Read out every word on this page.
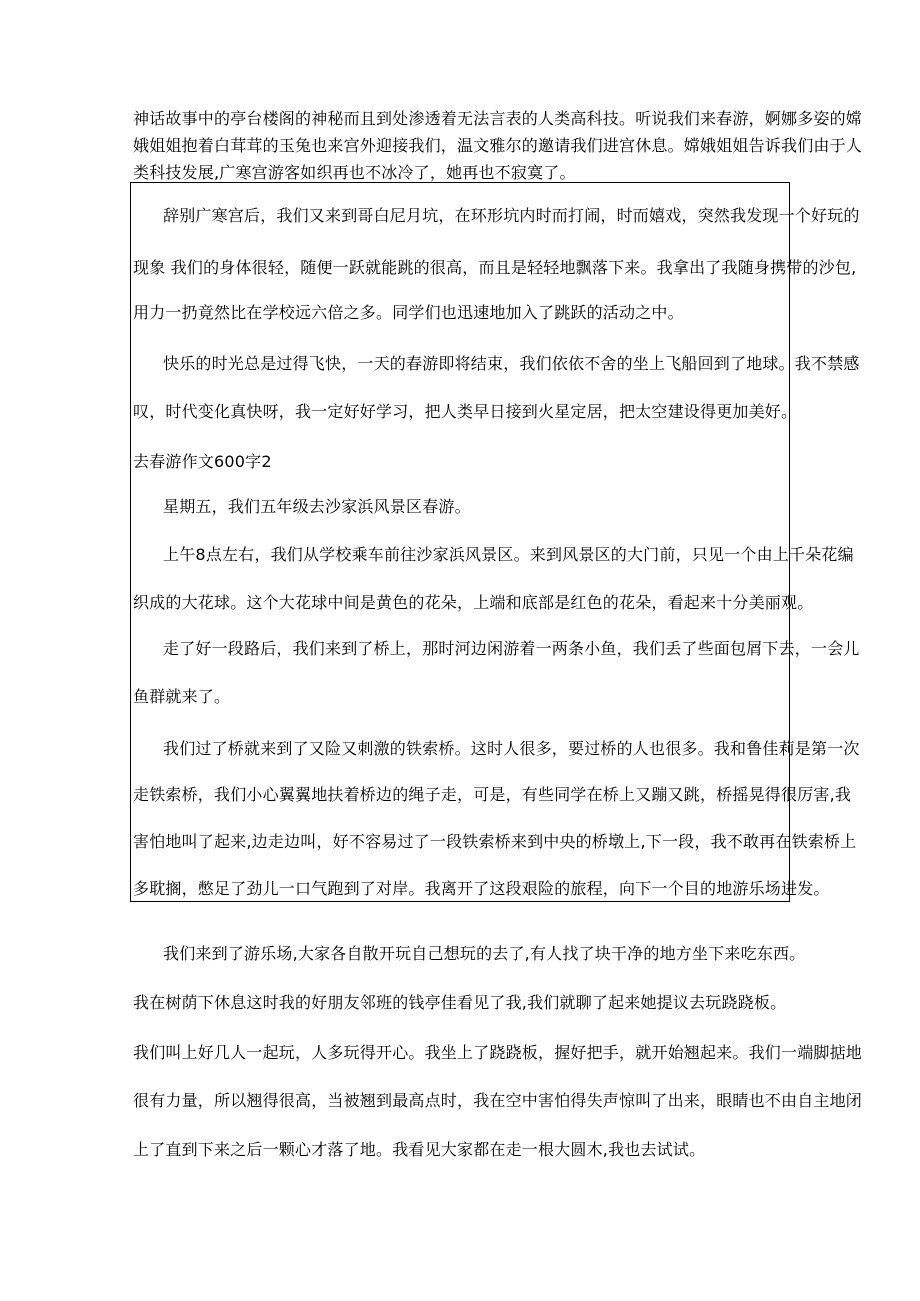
神话故事中的亭台楼阁的神秘而且到处渗透着无法言表的人类高科技。听说我们来春游，婀娜多姿的嫦
娥姐姐抱着白茸茸的玉兔也来宫外迎接我们，温文雅尔的邀请我们进宫休息。嫦娥姐姐告诉我们由于人
类科技发展,广寒宫游客如织再也不冰冷了，她再也不寂寞了。
辞别广寒宫后，我们又来到哥白尼月坑，在环形坑内时而打闹，时而嬉戏，突然我发现一个好玩的
现象 我们的身体很轻，随便一跃就能跳的很高，而且是轻轻地飘落下来。我拿出了我随身携带的沙包,
用力一扔竟然比在学校远六倍之多。同学们也迅速地加入了跳跃的活动之中。
快乐的时光总是过得飞快，一天的春游即将结束，我们依依不舍的坐上飞船回到了地球。我不禁感
叹，时代变化真快呀，我一定好好学习，把人类早日接到火星定居，把太空建设得更加美好。
去春游作文600字2
星期五，我们五年级去沙家浜风景区春游。
上午8点左右，我们从学校乘车前往沙家浜风景区。来到风景区的大门前，只见一个由上千朵花编
织成的大花球。这个大花球中间是黄色的花朵，上端和底部是红色的花朵，看起来十分美丽观。
走了好一段路后，我们来到了桥上，那时河边闲游着一两条小鱼，我们丢了些面包屑下去，一会儿
鱼群就来了。
我们过了桥就来到了又险又刺激的铁索桥。这时人很多，要过桥的人也很多。我和鲁佳莉是第一次
走铁索桥，我们小心翼翼地扶着桥边的绳子走，可是，有些同学在桥上又蹦又跳，桥摇晃得很厉害,我
害怕地叫了起来,边走边叫，好不容易过了一段铁索桥来到中央的桥墩上,下一段，我不敢再在铁索桥上
多耽搁，憋足了劲儿一口气跑到了对岸。我离开了这段艰险的旅程，向下一个目的地游乐场进发。
我们来到了游乐场,大家各自散开玩自己想玩的去了,有人找了块干净的地方坐下来吃东西。
我在树荫下休息这时我的好朋友邻班的钱亭佳看见了我,我们就聊了起来她提议去玩跷跷板。
我们叫上好几人一起玩，人多玩得开心。我坐上了跷跷板，握好把手，就开始翘起来。我们一端脚掂地
很有力量，所以翘得很高，当被翘到最高点时，我在空中害怕得失声惊叫了出来，眼睛也不由自主地闭
上了直到下来之后一颗心才落了地。我看见大家都在走一根大圆木,我也去试试。
